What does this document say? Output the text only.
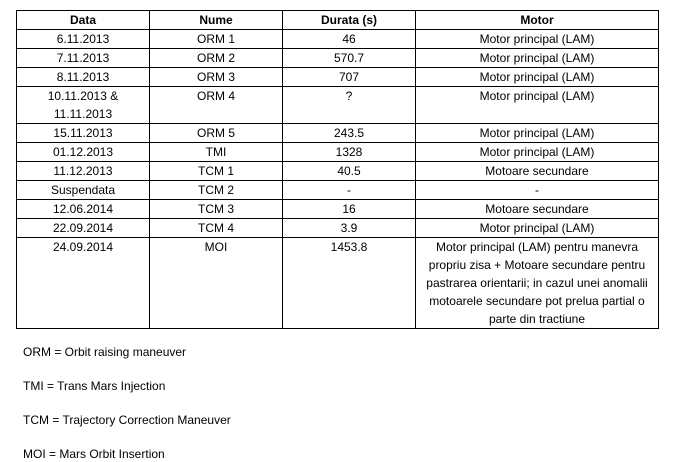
Data	Nume	Durata (s)	Motor
6.11.2013	ORM 1	46	Motor principal (LAM)
7.11.2013	ORM 2	570.7	Motor principal (LAM)
8.11.2013	ORM 3	707	Motor principal (LAM)
10.11.2013 & 11.11.2013	ORM 4	?	Motor principal (LAM)
15.11.2013	ORM 5	243.5	Motor principal (LAM)
01.12.2013	TMI	1328	Motor principal (LAM)
11.12.2013	TCM 1	40.5	Motoare secundare
Suspendata	TCM 2	-	-
12.06.2014	TCM 3	16	Motoare secundare
22.09.2014	TCM 4	3.9	Motor principal (LAM)
24.09.2014	MOI	1453.8	Motor principal (LAM) pentru manevra propriu zisa + Motoare secundare pentru pastrarea orientarii; in cazul unei anomalii motoarele secundare pot prelua partial o parte din tractiune
ORM = Orbit raising maneuver
TMI = Trans Mars Injection
TCM = Trajectory Correction Maneuver
MOI = Mars Orbit Insertion
